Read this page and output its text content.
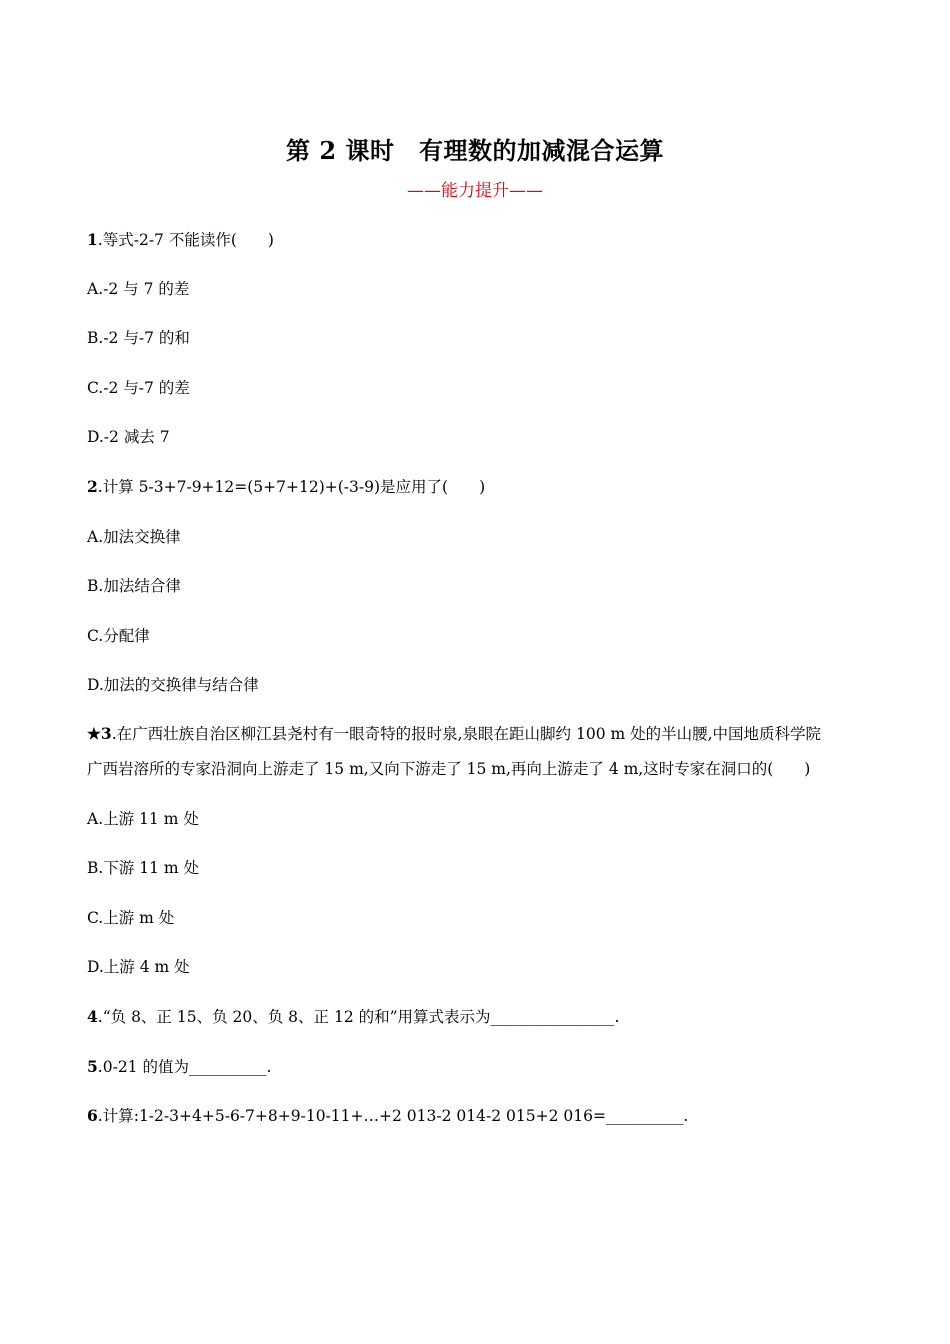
第 2 课时　有理数的加减混合运算
——能力提升——
1.等式-2-7 不能读作(　　)
A.-2 与 7 的差
B.-2 与-7 的和
C.-2 与-7 的差
D.-2 减去 7
2.计算 5-3+7-9+12=(5+7+12)+(-3-9)是应用了(　　)
A.加法交换律
B.加法结合律
C.分配律
D.加法的交换律与结合律
★3.在广西壮族自治区柳江县尧村有一眼奇特的报时泉,泉眼在距山脚约 100 m 处的半山腰,中国地质科学院
广西岩溶所的专家沿洞向上游走了 15 m,又向下游走了 15 m,再向上游走了 4 m,这时专家在洞口的(　　)
A.上游 11 m 处
B.下游 11 m 处
C.上游 m 处
D.上游 4 m 处
4.“负 8、正 15、负 20、负 8、正 12 的和”用算式表示为________________.
5.0-21 的值为__________.
6.计算:1-2-3+4+5-6-7+8+9-10-11+…+2 013-2 014-2 015+2 016=__________.
